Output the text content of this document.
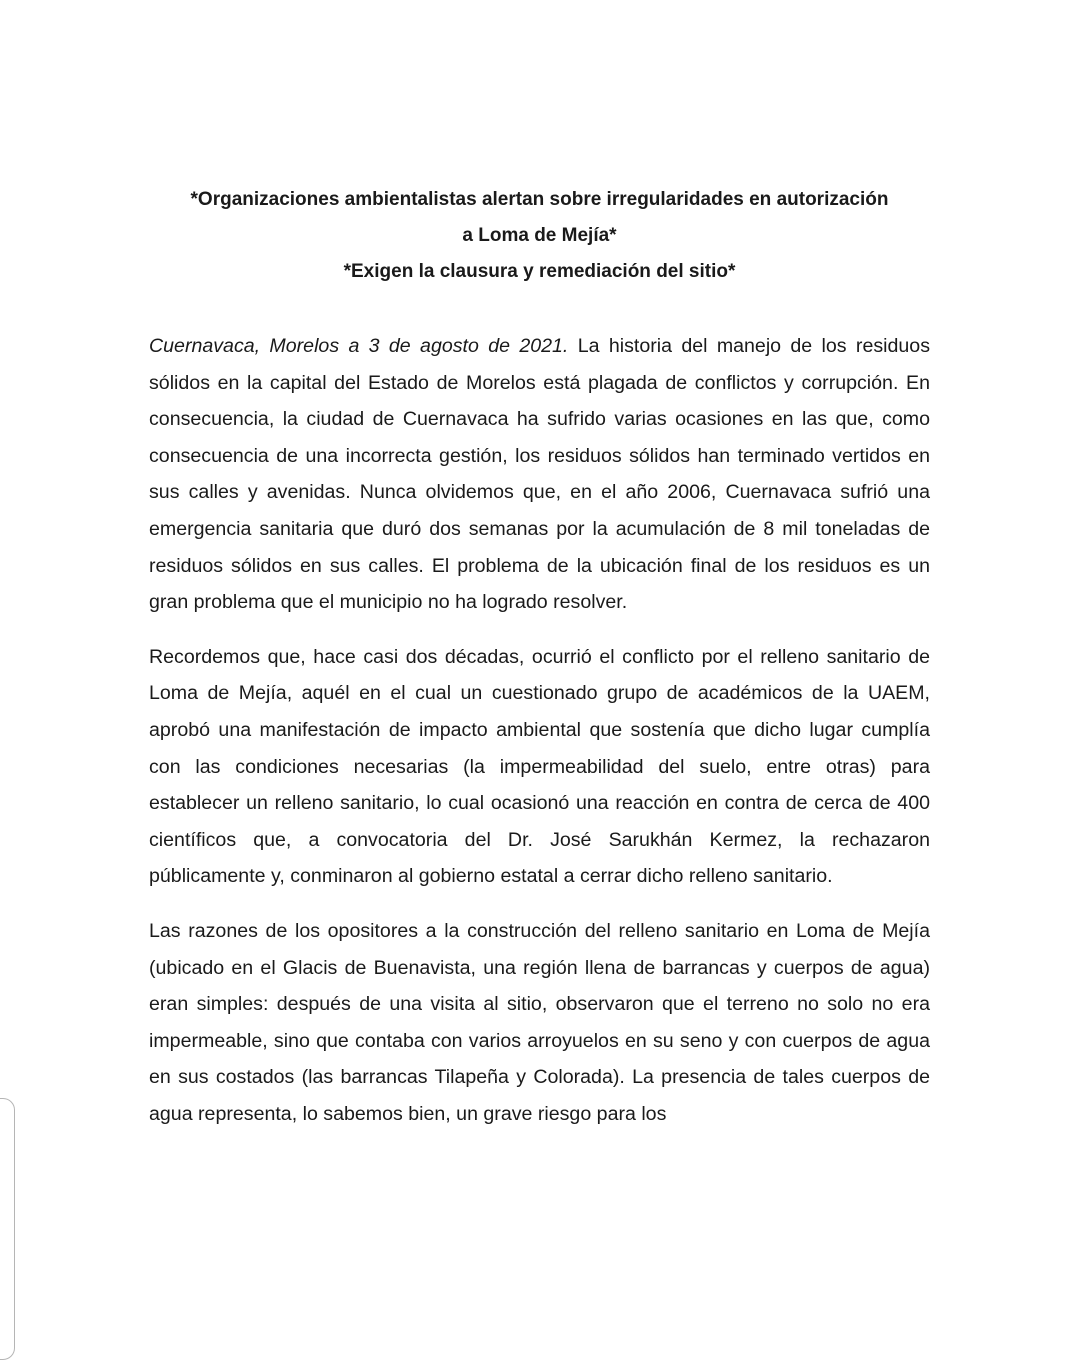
*Organizaciones ambientalistas alertan sobre irregularidades en autorización
a Loma de Mejía*
*Exigen la clausura y remediación del sitio*

Cuernavaca, Morelos a 3 de agosto de 2021. La historia del manejo de los residuos sólidos en la capital del Estado de Morelos está plagada de conflictos y corrupción. En consecuencia, la ciudad de Cuernavaca ha sufrido varias ocasiones en las que, como consecuencia de una incorrecta gestión, los residuos sólidos han terminado vertidos en sus calles y avenidas. Nunca olvidemos que, en el año 2006, Cuernavaca sufrió una emergencia sanitaria que duró dos semanas por la acumulación de 8 mil toneladas de residuos sólidos en sus calles. El problema de la ubicación final de los residuos es un gran problema que el municipio no ha logrado resolver.

Recordemos que, hace casi dos décadas, ocurrió el conflicto por el relleno sanitario de Loma de Mejía, aquél en el cual un cuestionado grupo de académicos de la UAEM, aprobó una manifestación de impacto ambiental que sostenía que dicho lugar cumplía con las condiciones necesarias (la impermeabilidad del suelo, entre otras) para establecer un relleno sanitario, lo cual ocasionó una reacción en contra de cerca de 400 científicos que, a convocatoria del Dr. José Sarukhán Kermez, la rechazaron públicamente y, conminaron al gobierno estatal a cerrar dicho relleno sanitario.

Las razones de los opositores a la construcción del relleno sanitario en Loma de Mejía (ubicado en el Glacis de Buenavista, una región llena de barrancas y cuerpos de agua) eran simples: después de una visita al sitio, observaron que el terreno no solo no era impermeable, sino que contaba con varios arroyuelos en su seno y con cuerpos de agua en sus costados (las barrancas Tilapeña y Colorada). La presencia de tales cuerpos de agua representa, lo sabemos bien, un grave riesgo para los
